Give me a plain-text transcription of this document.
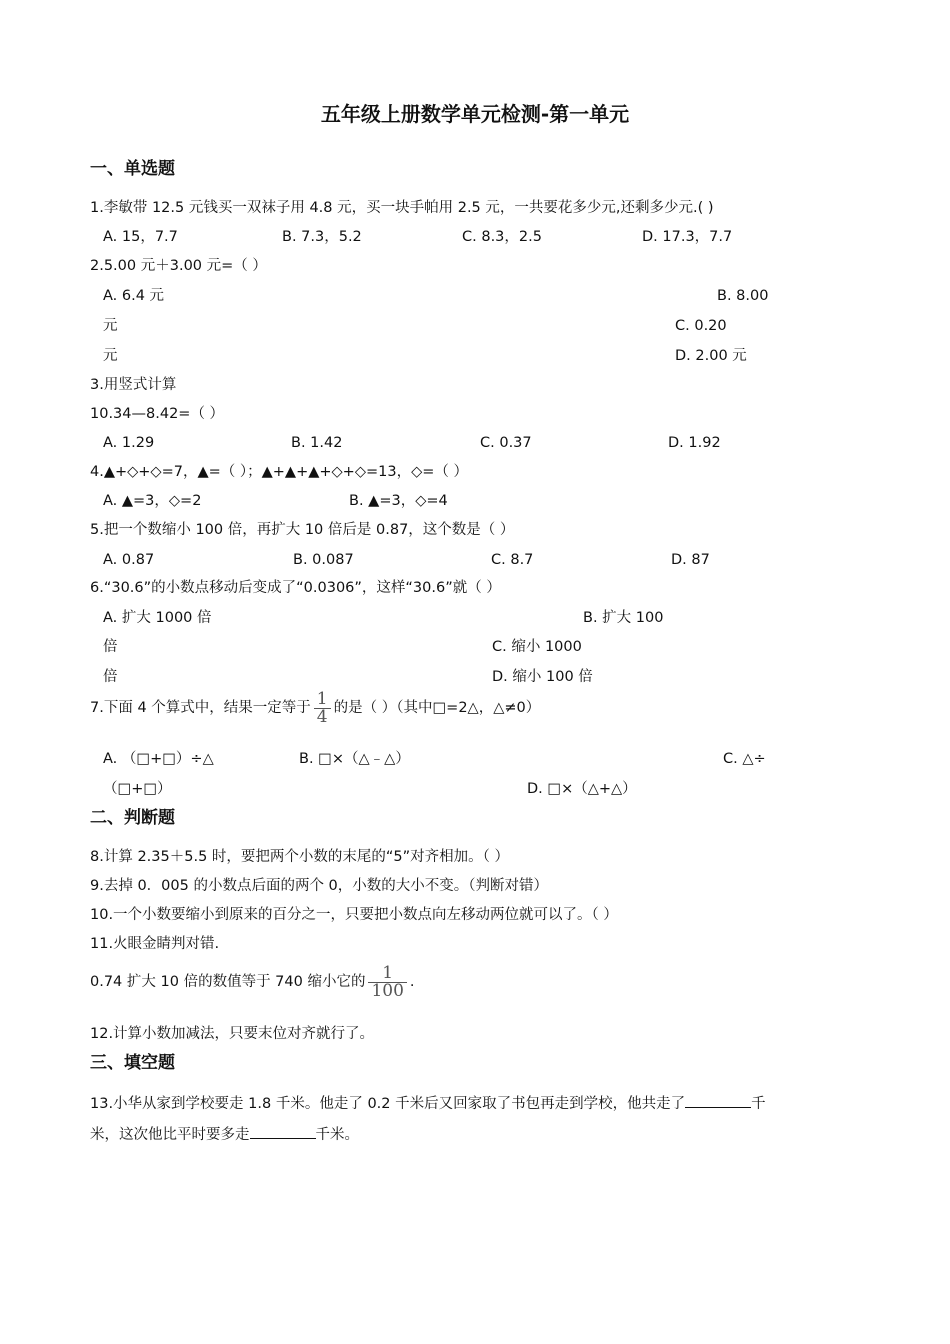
五年级上册数学单元检测-第一单元
一、单选题
1.李敏带 12.5 元钱买一双袜子用 4.8 元，买一块手帕用 2.5 元，一共要花多少元,还剩多少元.( )
A. 15，7.7	B. 7.3，5.2	C. 8.3，2.5	D. 17.3，7.7
2.5.00 元＋3.00 元=（ ）
A. 6.4 元	B. 8.00
元	C. 0.20
元	D. 2.00 元
3.用竖式计算
10.34—8.42=（ ）
A. 1.29	B. 1.42	C. 0.37	D. 1.92
4.▲+◇+◇=7，▲=（ ）；▲+▲+▲+◇+◇=13，◇=（ ）
A. ▲=3，◇=2	B. ▲=3，◇=4
5.把一个数缩小 100 倍，再扩大 10 倍后是 0.87，这个数是（ ）
A. 0.87	B. 0.087	C. 8.7	D. 87
6.“30.6”的小数点移动后变成了“0.0306”，这样“30.6”就（ ）
A. 扩大 1000 倍	B. 扩大 100
倍	C. 缩小 1000
倍	D. 缩小 100 倍
7.下面 4 个算式中，结果一定等于 $\frac{1}{4}$ 的是（ ）（其中□=2△，△≠0）
A. （□+□）÷△	B. □×（△﹣△）	C. △÷
（□+□）	D. □×（△+△）
二、判断题
8.计算 2.35＋5.5 时，要把两个小数的末尾的“5”对齐相加。（ ）
9.去掉 0．005 的小数点后面的两个 0，小数的大小不变。（判断对错）
10.一个小数要缩小到原来的百分之一，只要把小数点向左移动两位就可以了。（ ）
11.火眼金睛判对错.
0.74 扩大 10 倍的数值等于 740 缩小它的 $\frac{1}{100}$ .
12.计算小数加减法，只要末位对齐就行了。
三、填空题
13.小华从家到学校要走 1.8 千米。他走了 0.2 千米后又回家取了书包再走到学校，他共走了	千
米，这次他比平时要多走	千米。
